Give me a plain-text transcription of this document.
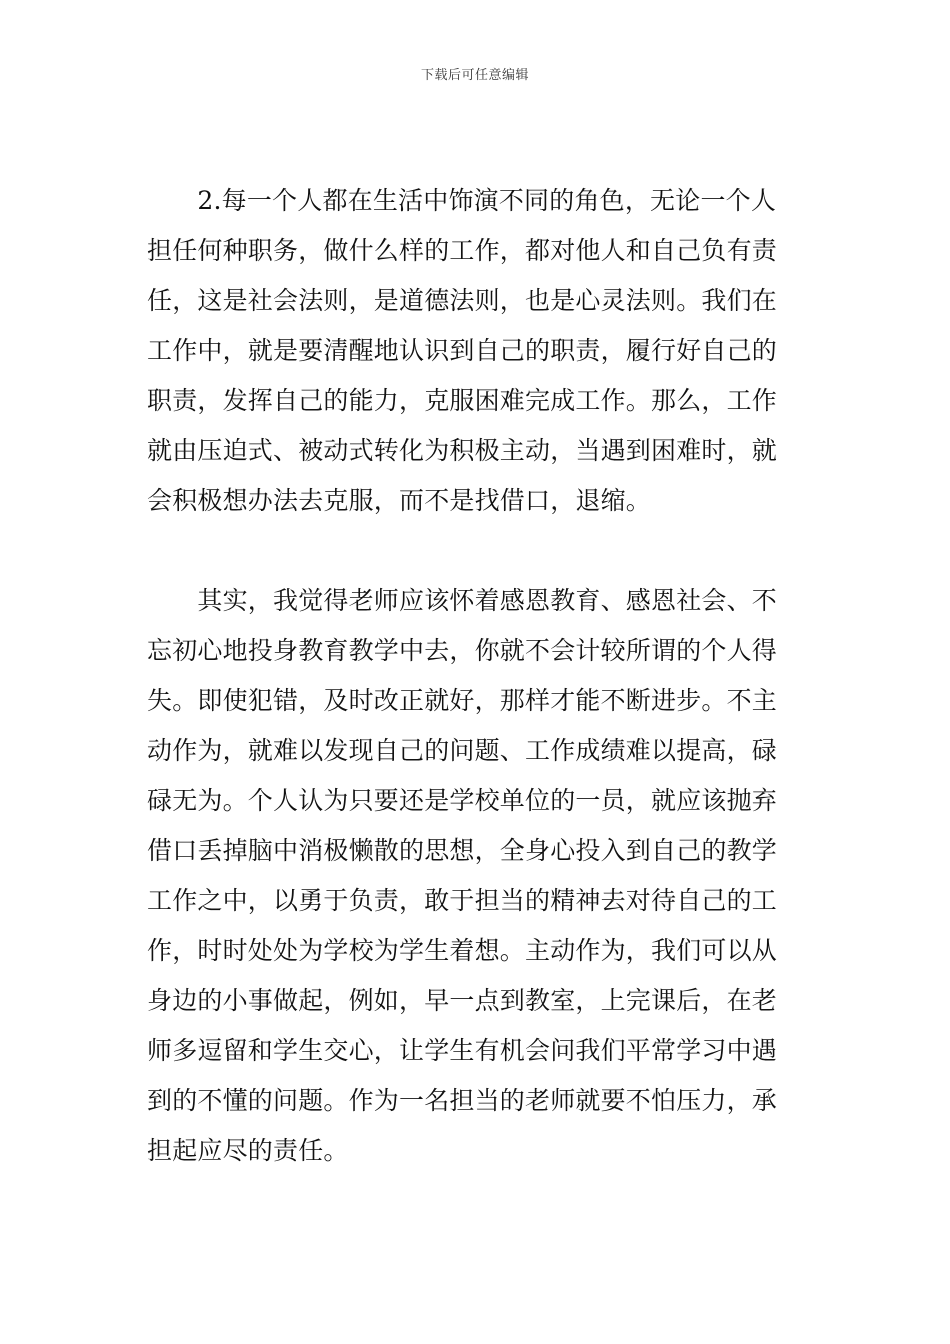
下载后可任意编辑
　　2.每一个人都在生活中饰演不同的角色，无论一个人
担任何种职务，做什么样的工作，都对他人和自己负有责
任，这是社会法则，是道德法则，也是心灵法则。我们在
工作中，就是要清醒地认识到自己的职责，履行好自己的
职责，发挥自己的能力，克服困难完成工作。那么，工作
就由压迫式、被动式转化为积极主动，当遇到困难时，就
会积极想办法去克服，而不是找借口，退缩。
　　其实，我觉得老师应该怀着感恩教育、感恩社会、不
忘初心地投身教育教学中去，你就不会计较所谓的个人得
失。即使犯错，及时改正就好，那样才能不断进步。不主
动作为，就难以发现自己的问题、工作成绩难以提高，碌
碌无为。个人认为只要还是学校单位的一员，就应该抛弃
借口丢掉脑中消极懒散的思想，全身心投入到自己的教学
工作之中，以勇于负责，敢于担当的精神去对待自己的工
作，时时处处为学校为学生着想。主动作为，我们可以从
身边的小事做起，例如，早一点到教室，上完课后，在老
师多逗留和学生交心，让学生有机会问我们平常学习中遇
到的不懂的问题。作为一名担当的老师就要不怕压力，承
担起应尽的责任。
